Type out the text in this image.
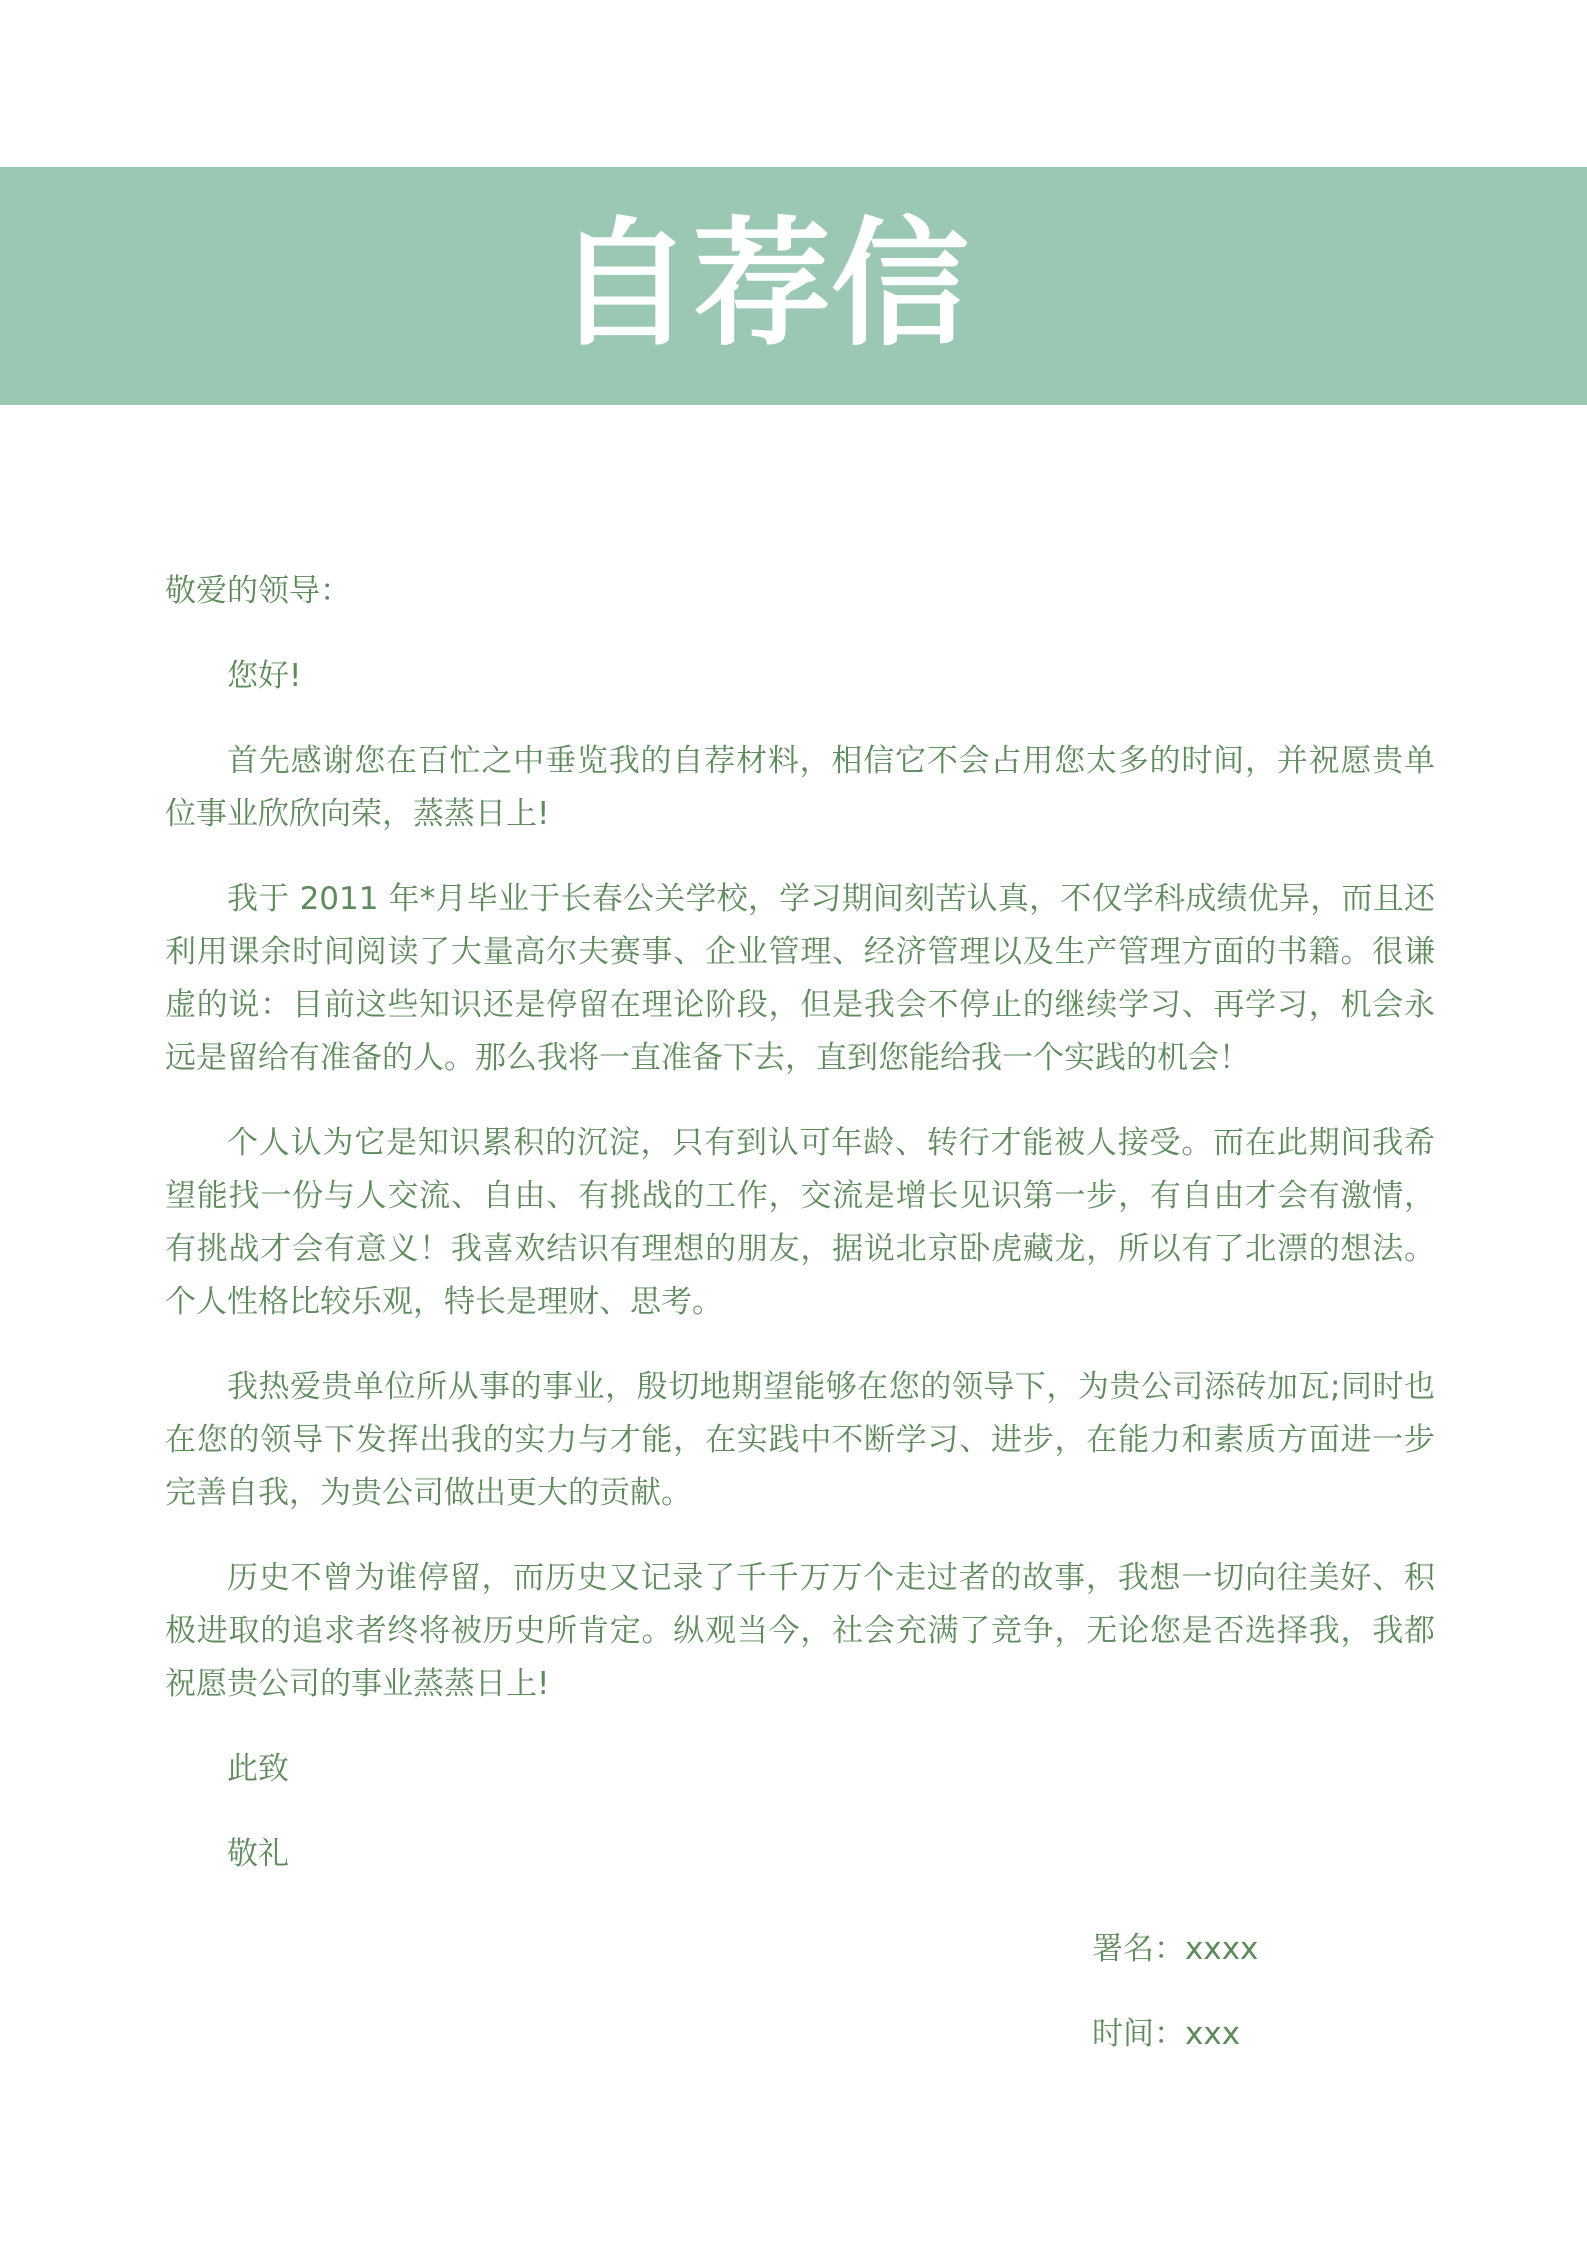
自荐信

敬爱的领导：

您好!

首先感谢您在百忙之中垂览我的自荐材料，相信它不会占用您太多的时间，并祝愿贵单位事业欣欣向荣，蒸蒸日上!

我于 2011 年*月毕业于长春公关学校，学习期间刻苦认真，不仅学科成绩优异，而且还利用课余时间阅读了大量高尔夫赛事、企业管理、经济管理以及生产管理方面的书籍。很谦虚的说：目前这些知识还是停留在理论阶段，但是我会不停止的继续学习、再学习，机会永远是留给有准备的人。那么我将一直准备下去，直到您能给我一个实践的机会！

个人认为它是知识累积的沉淀，只有到认可年龄、转行才能被人接受。而在此期间我希望能找一份与人交流、自由、有挑战的工作，交流是增长见识第一步，有自由才会有激情，有挑战才会有意义！我喜欢结识有理想的朋友，据说北京卧虎藏龙，所以有了北漂的想法。个人性格比较乐观，特长是理财、思考。

我热爱贵单位所从事的事业，殷切地期望能够在您的领导下，为贵公司添砖加瓦;同时也在您的领导下发挥出我的实力与才能，在实践中不断学习、进步，在能力和素质方面进一步完善自我，为贵公司做出更大的贡献。

历史不曾为谁停留，而历史又记录了千千万万个走过者的故事，我想一切向往美好、积极进取的追求者终将被历史所肯定。纵观当今，社会充满了竞争，无论您是否选择我，我都祝愿贵公司的事业蒸蒸日上!

此致

敬礼

署名：xxxx
时间：xxx
